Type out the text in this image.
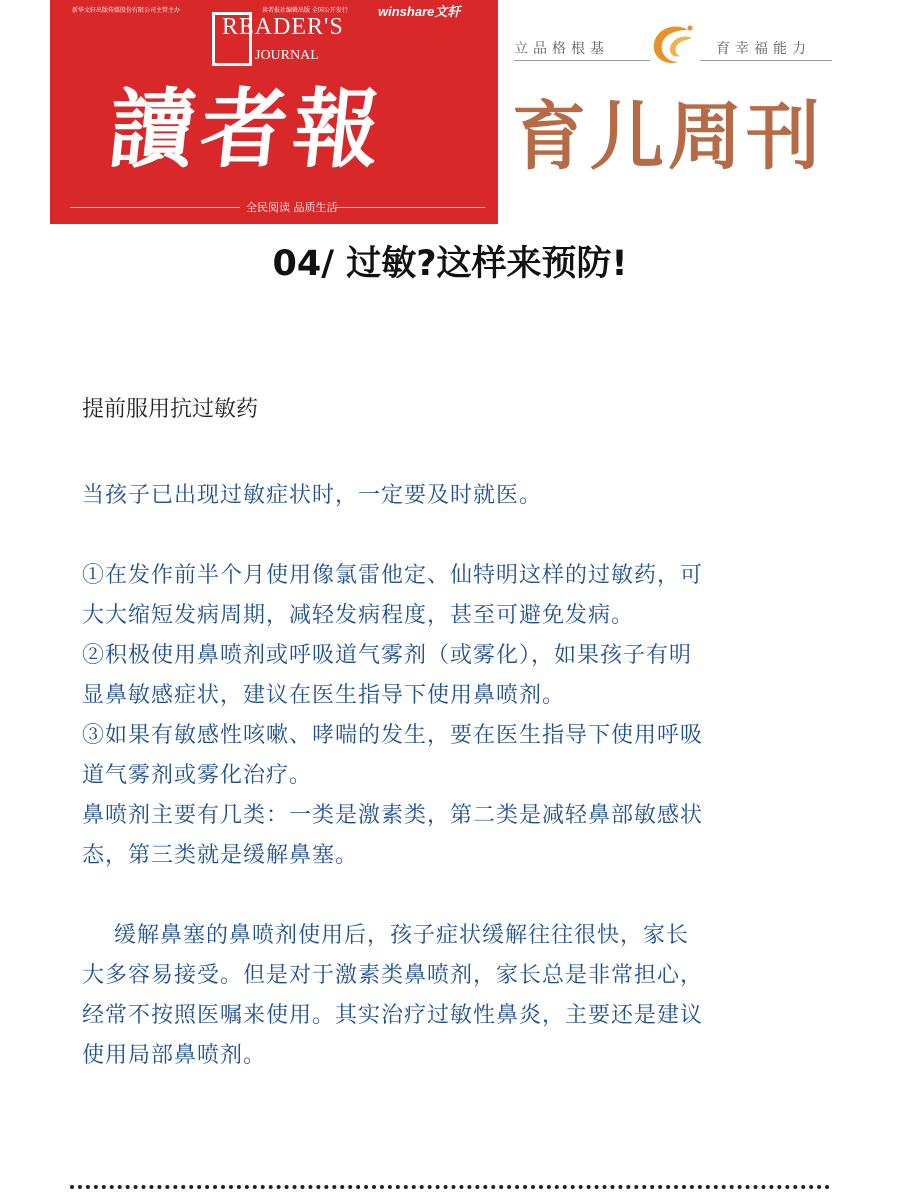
新华文轩出版传媒股份有限公司主管主办	读者报社编辑出版 全国公开发行 winshare文轩
READER'S
JOURNAL
讀者報
全民阅读 品质生活
立品格根基	育幸福能力
育儿周刊
04/ 过敏?这样来预防!
提前服用抗过敏药
当孩子已出现过敏症状时，一定要及时就医。
①在发作前半个月使用像氯雷他定、仙特明这样的过敏药，可
大大缩短发病周期，减轻发病程度，甚至可避免发病。
②积极使用鼻喷剂或呼吸道气雾剂（或雾化），如果孩子有明
显鼻敏感症状，建议在医生指导下使用鼻喷剂。
③如果有敏感性咳嗽、哮喘的发生，要在医生指导下使用呼吸
道气雾剂或雾化治疗。
鼻喷剂主要有几类：一类是激素类，第二类是减轻鼻部敏感状
态，第三类就是缓解鼻塞。
缓解鼻塞的鼻喷剂使用后，孩子症状缓解往往很快，家长
大多容易接受。但是对于激素类鼻喷剂，家长总是非常担心，
经常不按照医嘱来使用。其实治疗过敏性鼻炎，主要还是建议
使用局部鼻喷剂。
